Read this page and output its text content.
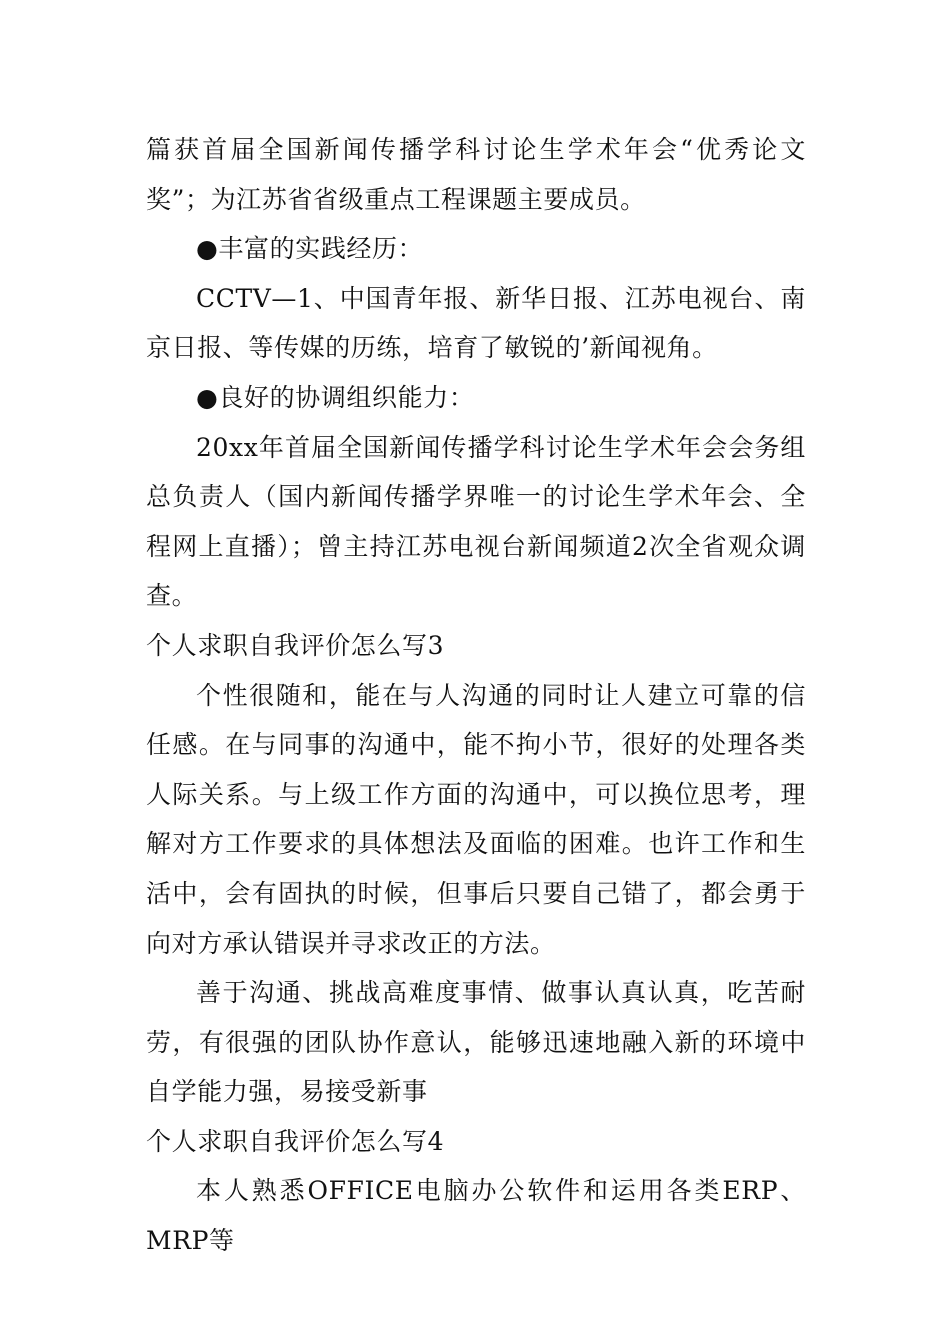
篇获首届全国新闻传播学科讨论生学术年会“优秀论文奖”；为江苏省省级重点工程课题主要成员。

●丰富的实践经历：

CCTV—1、中国青年报、新华日报、江苏电视台、南京日报、等传媒的历练，培育了敏锐的’新闻视角。

●良好的协调组织能力：

20xx年首届全国新闻传播学科讨论生学术年会会务组总负责人（国内新闻传播学界唯一的讨论生学术年会、全程网上直播）；曾主持江苏电视台新闻频道2次全省观众调查。

个人求职自我评价怎么写3

个性很随和，能在与人沟通的同时让人建立可靠的信任感。在与同事的沟通中，能不拘小节，很好的处理各类人际关系。与上级工作方面的沟通中，可以换位思考，理解对方工作要求的具体想法及面临的困难。也许工作和生活中，会有固执的时候，但事后只要自己错了，都会勇于向对方承认错误并寻求改正的方法。

善于沟通、挑战高难度事情、做事认真认真，吃苦耐劳，有很强的团队协作意认，能够迅速地融入新的环境中自学能力强，易接受新事

个人求职自我评价怎么写4

本人熟悉OFFICE电脑办公软件和运用各类ERP、MRP等
